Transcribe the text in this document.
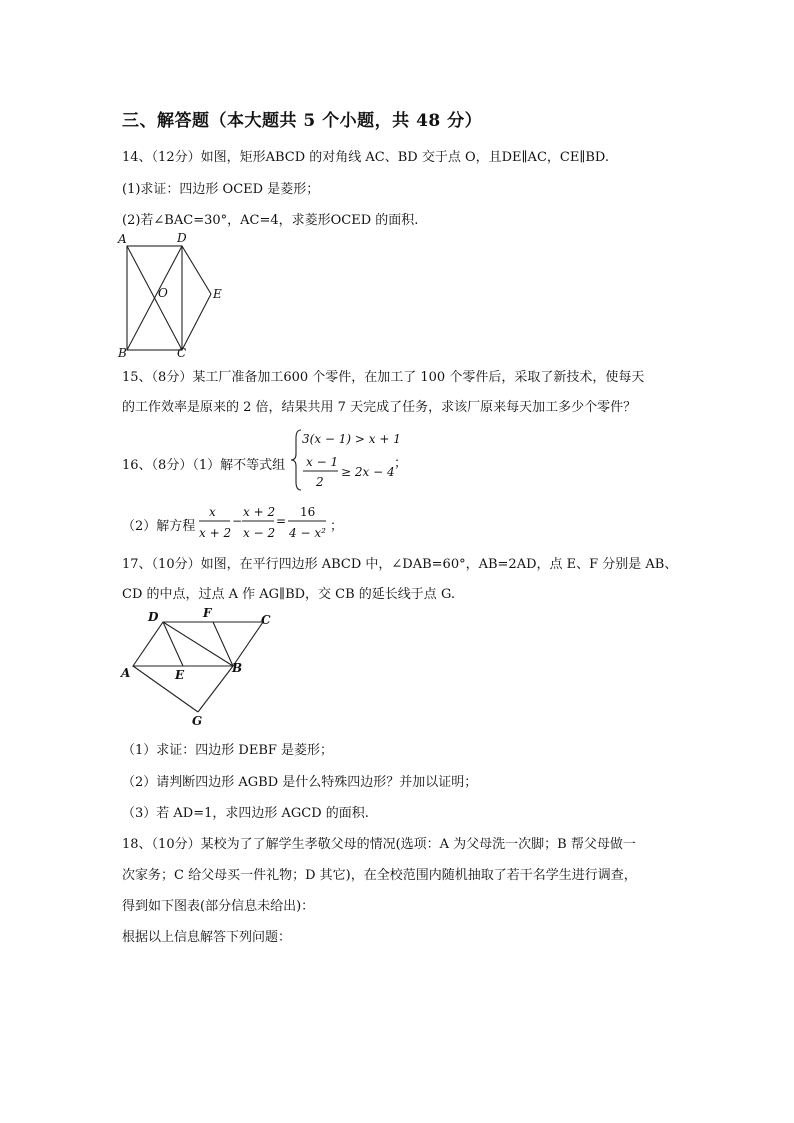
三、解答题（本大题共 5 个小题，共 48 分）
14、（12分）如图，矩形ABCD 的对角线 AC、BD 交于点 O，且DE∥AC，CE∥BD.
(1)求证：四边形 OCED 是菱形；
(2)若∠BAC=30°，AC=4，求菱形OCED 的面积.
A	D
O	E
B	C
15、（8分）某工厂准备加工600 个零件，在加工了 100 个零件后，采取了新技术，使每天
的工作效率是原来的 2 倍，结果共用 7 天完成了任务，求该厂原来每天加工多少个零件？
16、（8分）（1）解不等式组
3(x − 1) > x + 1
x − 1
2
≥ 2x − 4
；
（2）解方程
x
x + 2
−
x + 2
x − 2
=
16
4 − x² ；
17、（10分）如图，在平行四边形 ABCD 中，∠DAB=60°，AB=2AD，点 E、F 分别是 AB、
CD 的中点，过点 A 作 AG∥BD，交 CB 的延长线于点 G.
D	F	C
A	E	B
G
（1）求证：四边形 DEBF 是菱形；
（2）请判断四边形 AGBD 是什么特殊四边形？并加以证明；
（3）若 AD=1，求四边形 AGCD 的面积.
18、（10分）某校为了了解学生孝敬父母的情况(选项：A 为父母洗一次脚；B 帮父母做一
次家务；C 给父母买一件礼物；D 其它)，在全校范围内随机抽取了若干名学生进行调查，
得到如下图表(部分信息未给出)：
根据以上信息解答下列问题：
